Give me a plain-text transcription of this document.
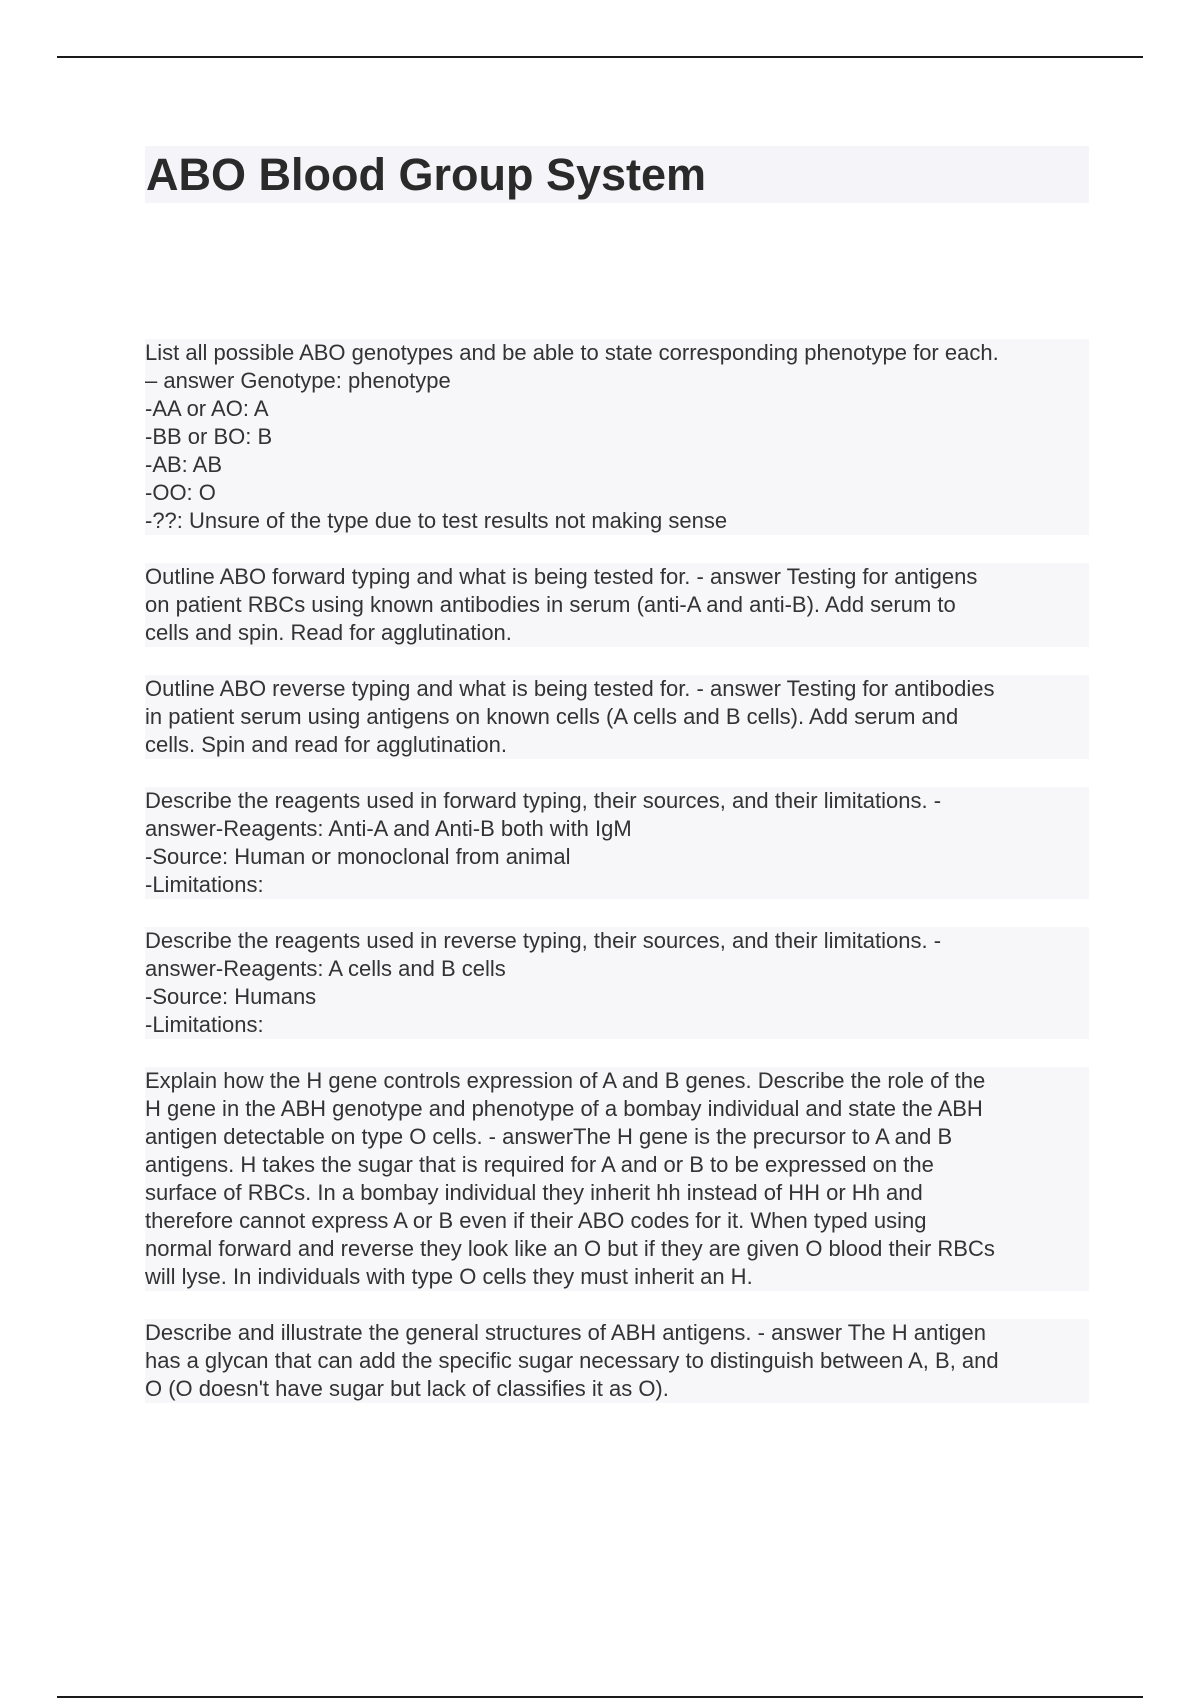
ABO Blood Group System

List all possible ABO genotypes and be able to state corresponding phenotype for each.
– answer Genotype: phenotype
-AA or AO: A
-BB or BO: B
-AB: AB
-OO: O
-??: Unsure of the type due to test results not making sense

Outline ABO forward typing and what is being tested for. - answer Testing for antigens
on patient RBCs using known antibodies in serum (anti-A and anti-B). Add serum to
cells and spin. Read for agglutination.

Outline ABO reverse typing and what is being tested for. - answer Testing for antibodies
in patient serum using antigens on known cells (A cells and B cells). Add serum and
cells. Spin and read for agglutination.

Describe the reagents used in forward typing, their sources, and their limitations. -
answer-Reagents: Anti-A and Anti-B both with IgM
-Source: Human or monoclonal from animal
-Limitations:

Describe the reagents used in reverse typing, their sources, and their limitations. -
answer-Reagents: A cells and B cells
-Source: Humans
-Limitations:

Explain how the H gene controls expression of A and B genes. Describe the role of the
H gene in the ABH genotype and phenotype of a bombay individual and state the ABH
antigen detectable on type O cells. - answerThe H gene is the precursor to A and B
antigens. H takes the sugar that is required for A and or B to be expressed on the
surface of RBCs. In a bombay individual they inherit hh instead of HH or Hh and
therefore cannot express A or B even if their ABO codes for it. When typed using
normal forward and reverse they look like an O but if they are given O blood their RBCs
will lyse. In individuals with type O cells they must inherit an H.

Describe and illustrate the general structures of ABH antigens. - answer The H antigen
has a glycan that can add the specific sugar necessary to distinguish between A, B, and
O (O doesn't have sugar but lack of classifies it as O).
